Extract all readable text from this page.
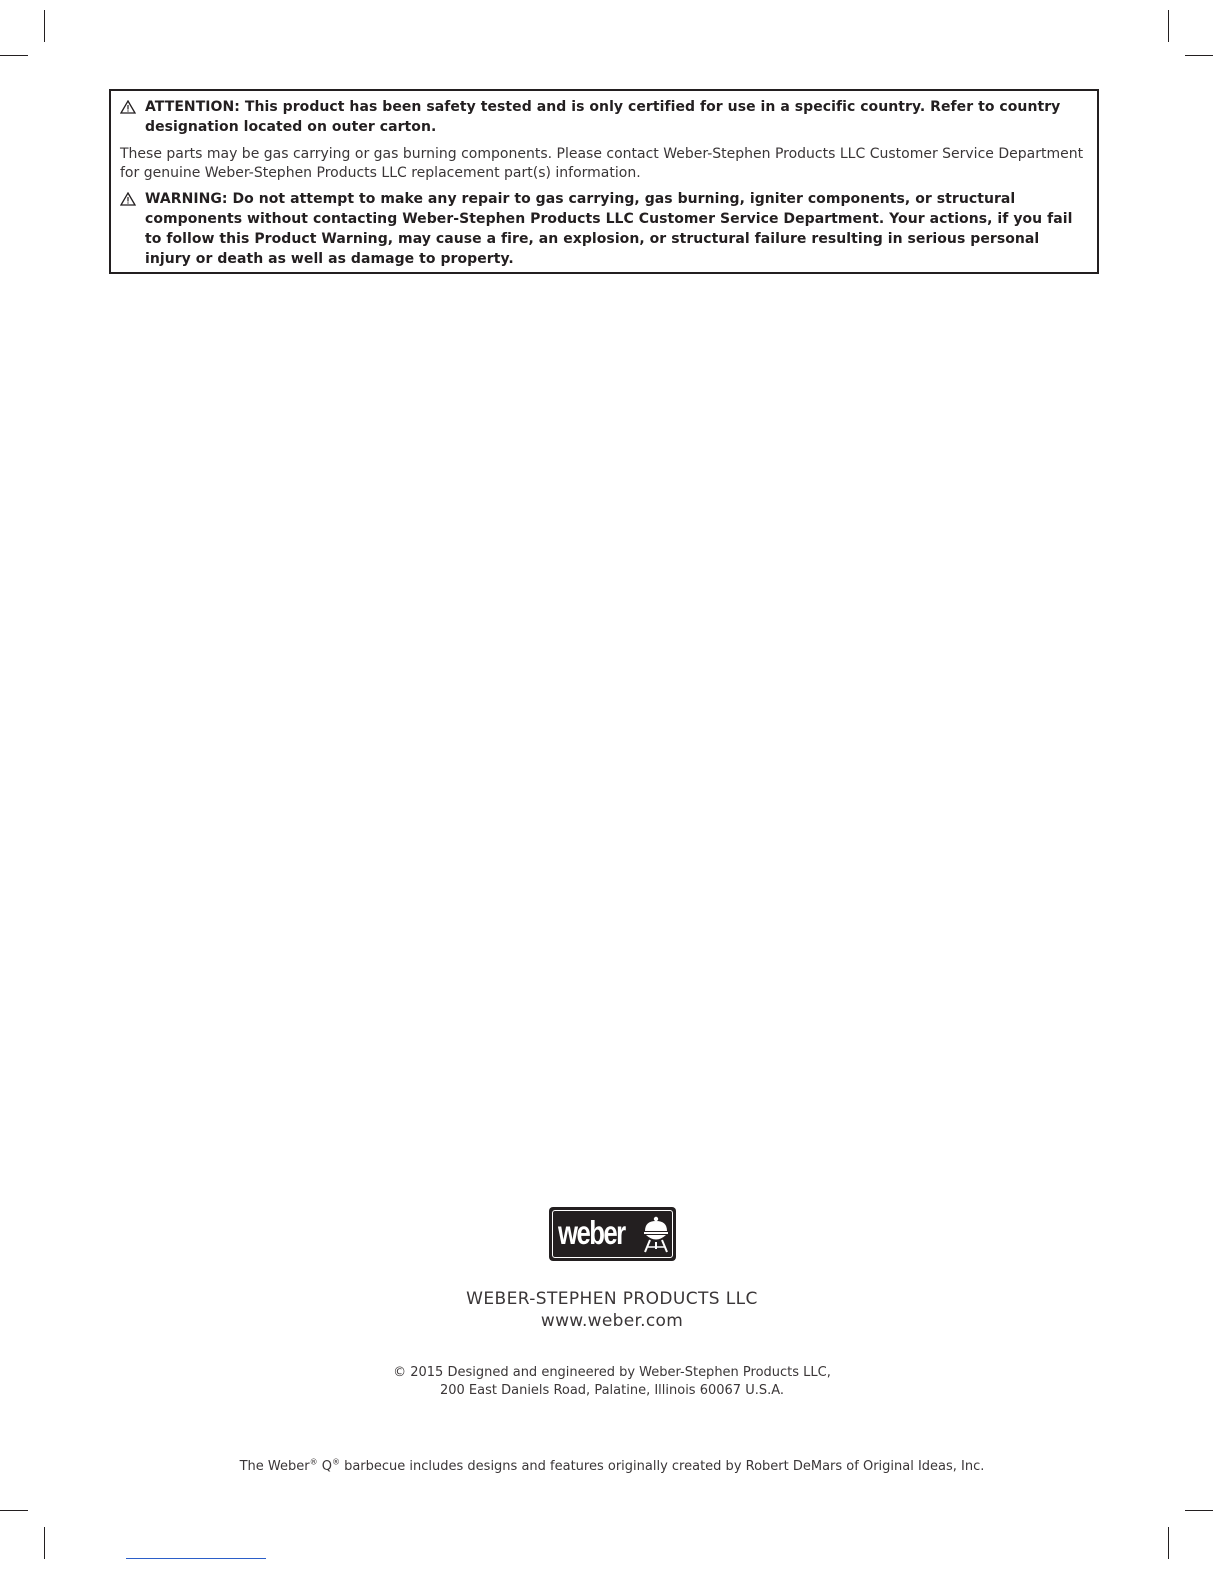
ATTENTION: This product has been safety tested and is only certified for use in a specific country. Refer to country designation located on outer carton.
These parts may be gas carrying or gas burning components. Please contact Weber-Stephen Products LLC Customer Service Department for genuine Weber-Stephen Products LLC replacement part(s) information.
WARNING: Do not attempt to make any repair to gas carrying, gas burning, igniter components, or structural components without contacting Weber-Stephen Products LLC Customer Service Department. Your actions, if you fail to follow this Product Warning, may cause a fire, an explosion, or structural failure resulting in serious personal injury or death as well as damage to property.
weber
WEBER-STEPHEN PRODUCTS LLC
www.weber.com
© 2015 Designed and engineered by Weber-Stephen Products LLC,
200 East Daniels Road, Palatine, Illinois 60067 U.S.A.
The Weber® Q® barbecue includes designs and features originally created by Robert DeMars of Original Ideas, Inc.
